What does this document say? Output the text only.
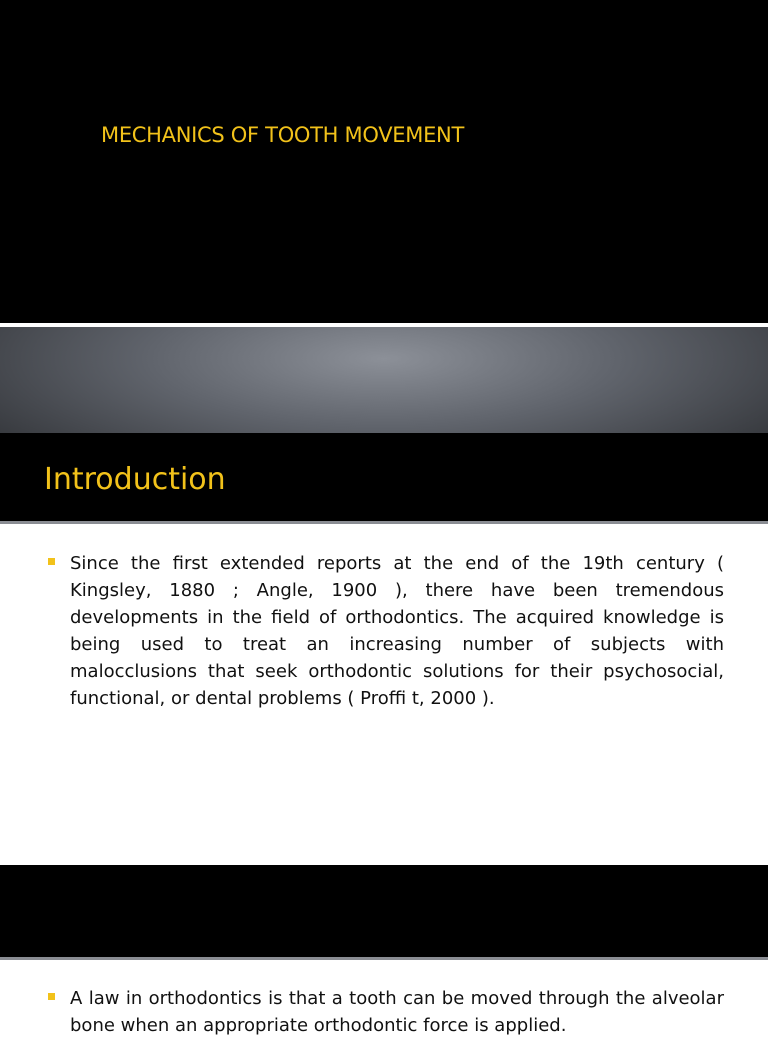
MECHANICS OF TOOTH MOVEMENT
Introduction
Since the first extended reports at the end of the 19th century ( Kingsley, 1880 ; Angle, 1900 ), there have been tremendous developments in the field of orthodontics. The acquired knowledge is being used to treat an increasing number of subjects with malocclusions that seek orthodontic solutions for their psychosocial, functional, or dental problems ( Proffi t, 2000 ).
A law in orthodontics is that a tooth can be moved through the alveolar bone when an appropriate orthodontic force is applied.
